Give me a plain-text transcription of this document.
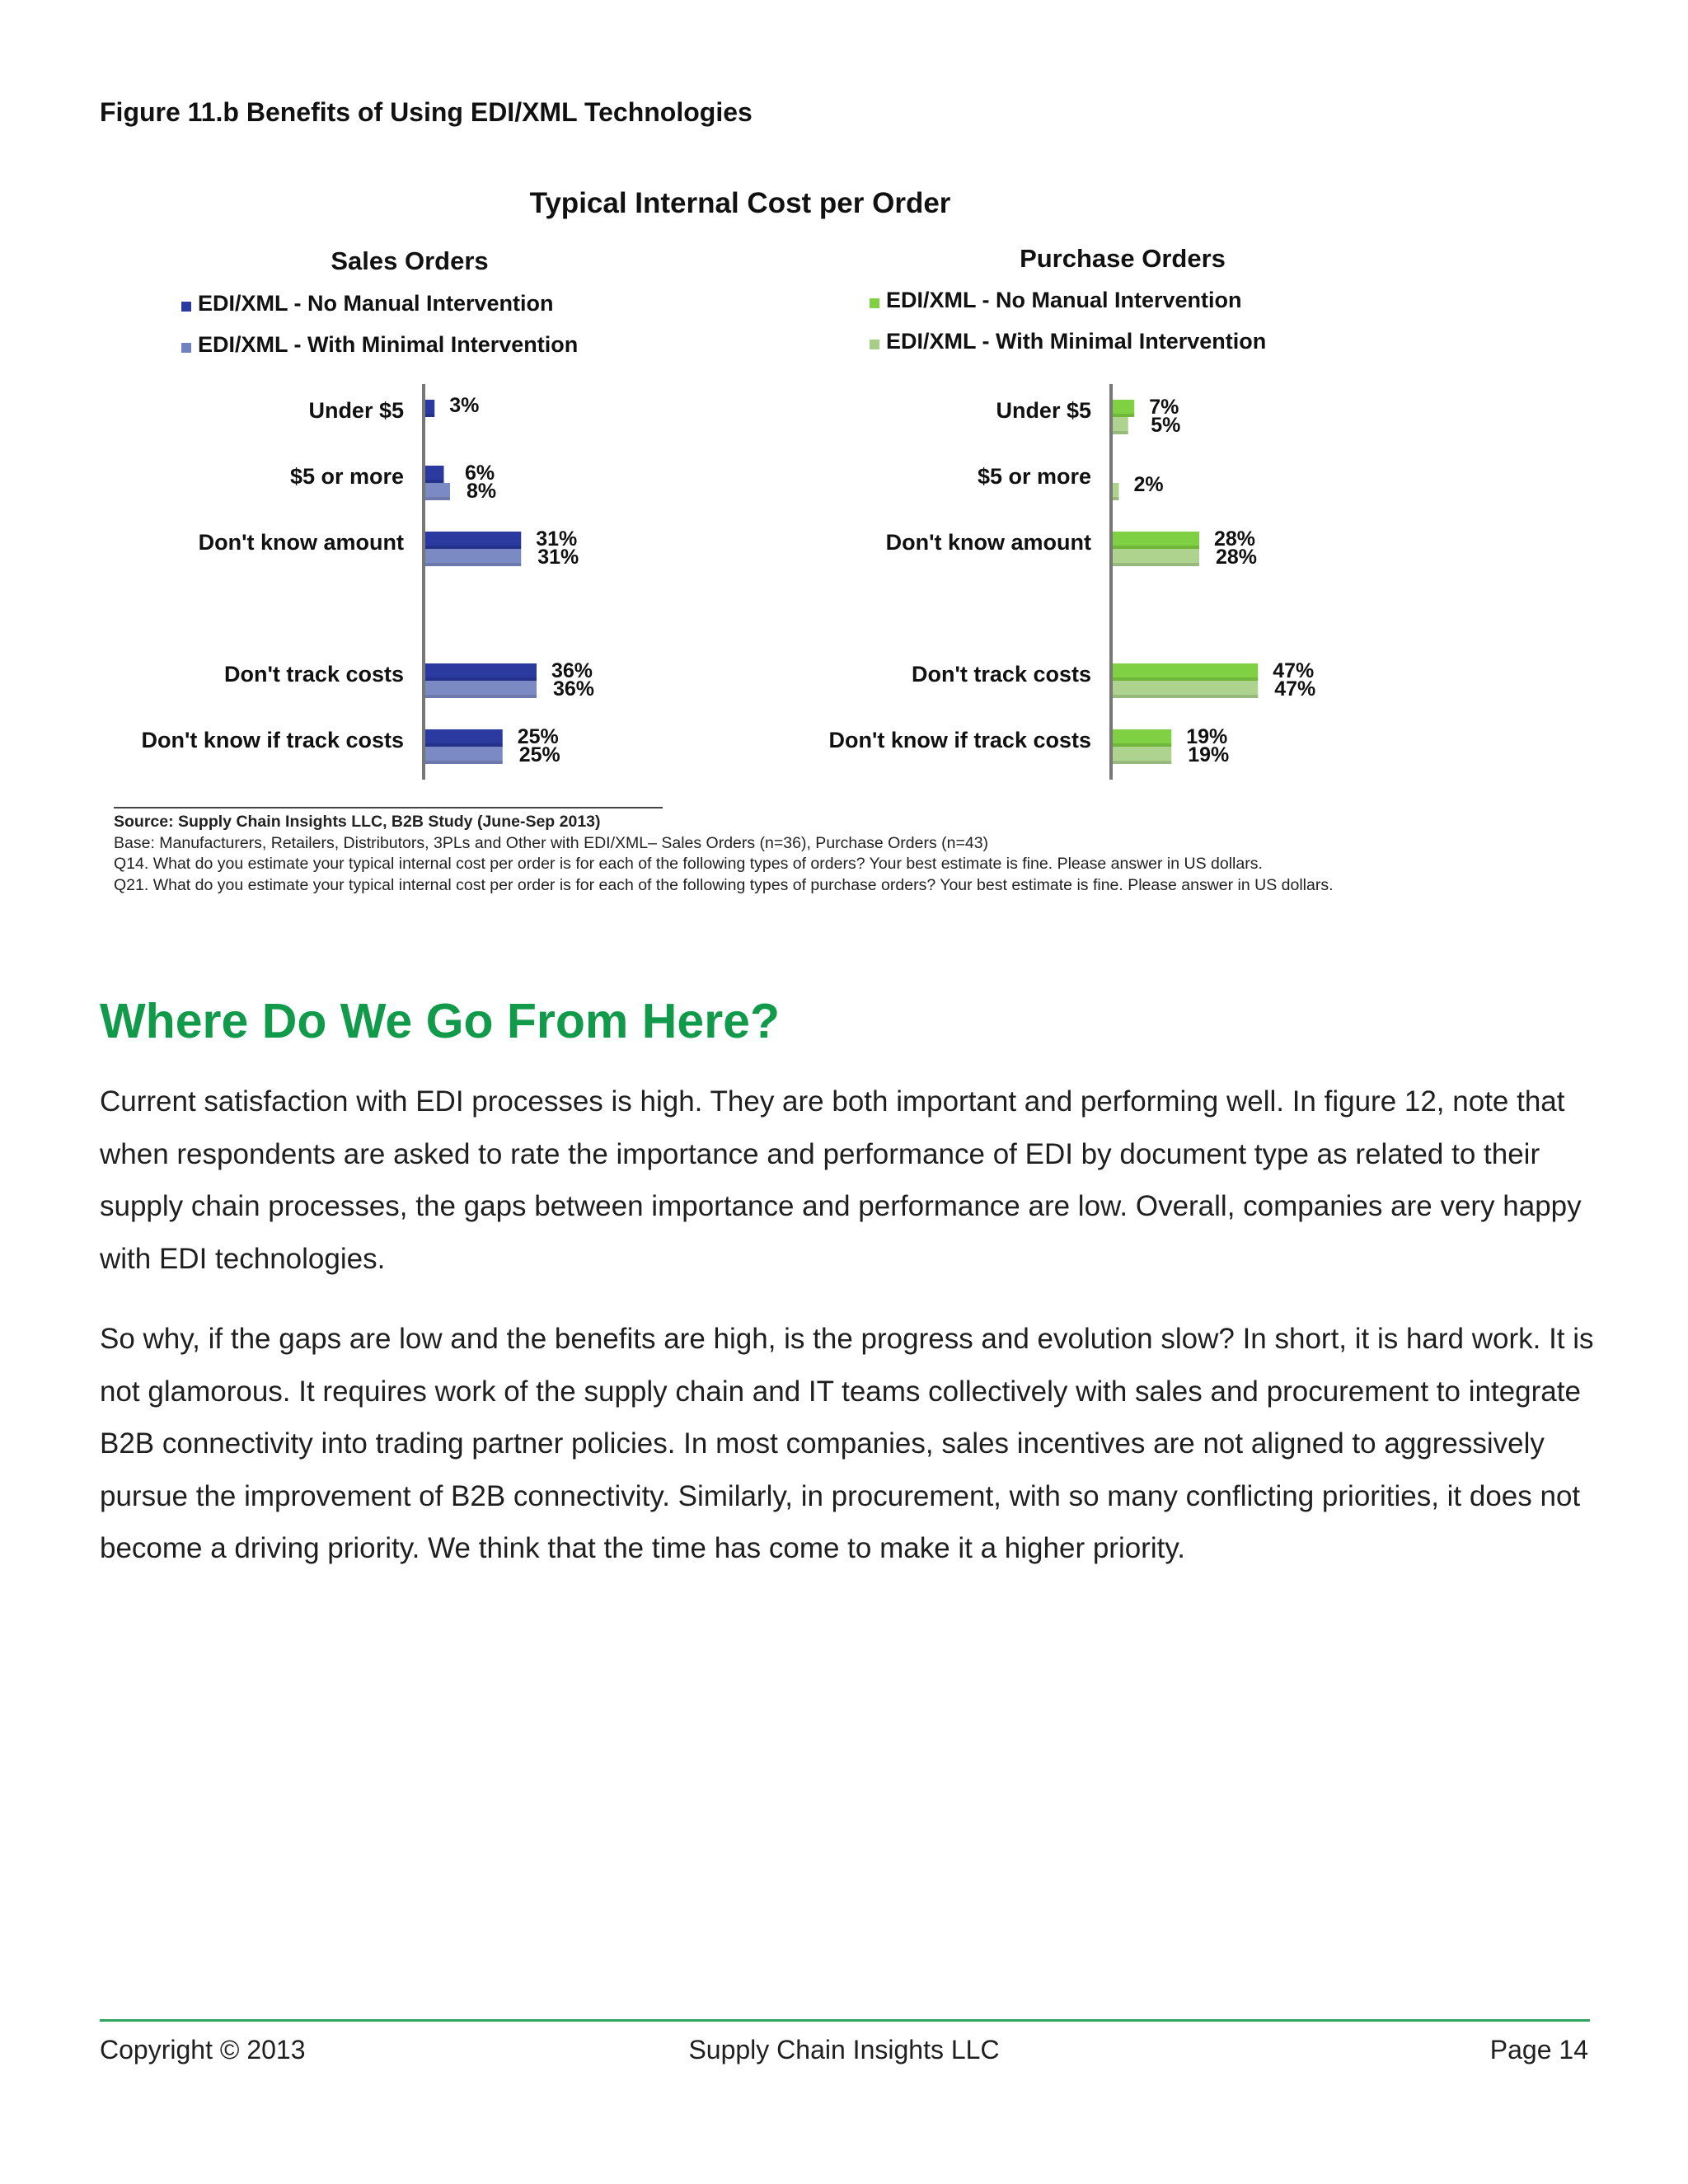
Figure 11.b Benefits of Using EDI/XML Technologies
Typical Internal Cost per Order
Sales Orders
EDI/XML - No Manual Intervention
EDI/XML - With Minimal Intervention
Under $5 3%
$5 or more	6%
8%
Don't know amount	31%
31%
Don't track costs	36%
36%
Don't know if track costs	25%
25%
Purchase Orders
EDI/XML - No Manual Intervention
EDI/XML - With Minimal Intervention
Under $5	7%
5%
$5 or more 2%
Don't know amount	28%
28%
Don't track costs	47%
47%
Don't know if track costs	19%
19%
Source: Supply Chain Insights LLC, B2B Study (June-Sep 2013)
Base: Manufacturers, Retailers, Distributors, 3PLs and Other with EDI/XML– Sales Orders (n=36), Purchase Orders (n=43)
Q14. What do you estimate your typical internal cost per order is for each of the following types of orders? Your best estimate is fine. Please answer in US dollars.
Q21. What do you estimate your typical internal cost per order is for each of the following types of purchase orders? Your best estimate is fine. Please answer in US dollars.
Where Do We Go From Here?

Current satisfaction with EDI processes is high. They are both important and performing well. In figure 12, note that when respondents are asked to rate the importance and performance of EDI by document type as related to their supply chain processes, the gaps between importance and performance are low. Overall, companies are very happy with EDI technologies.

So why, if the gaps are low and the benefits are high, is the progress and evolution slow? In short, it is hard work. It is not glamorous. It requires work of the supply chain and IT teams collectively with sales and procurement to integrate B2B connectivity into trading partner policies. In most companies, sales incentives are not aligned to aggressively pursue the improvement of B2B connectivity. Similarly, in procurement, with so many conflicting priorities, it does not become a driving priority. We think that the time has come to make it a higher priority.

Copyright © 2013	Supply Chain Insights LLC	Page 14
